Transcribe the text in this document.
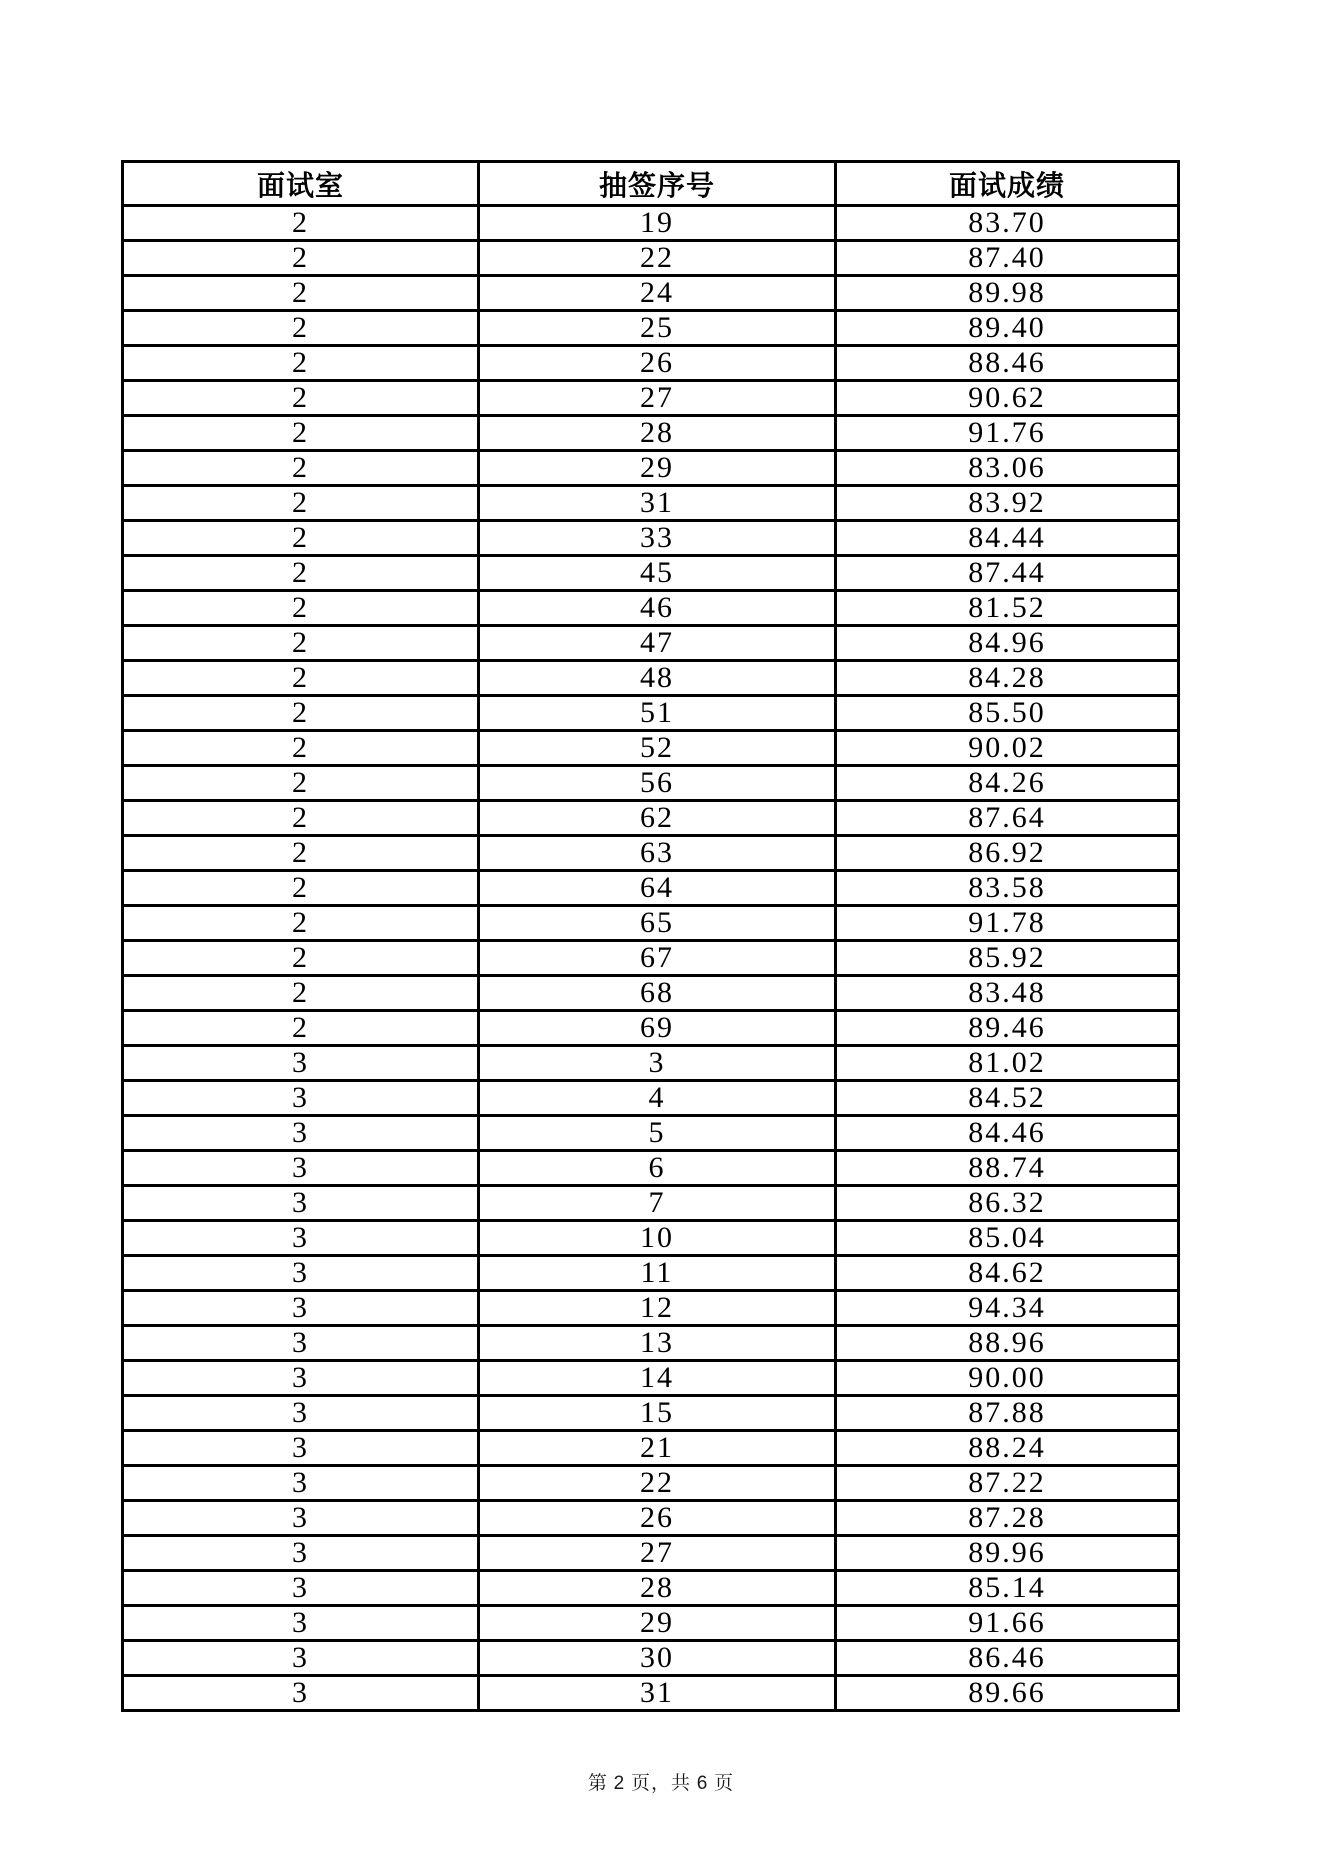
面试室	抽签序号	面试成绩
2	19	83.70
2	22	87.40
2	24	89.98
2	25	89.40
2	26	88.46
2	27	90.62
2	28	91.76
2	29	83.06
2	31	83.92
2	33	84.44
2	45	87.44
2	46	81.52
2	47	84.96
2	48	84.28
2	51	85.50
2	52	90.02
2	56	84.26
2	62	87.64
2	63	86.92
2	64	83.58
2	65	91.78
2	67	85.92
2	68	83.48
2	69	89.46
3	3	81.02
3	4	84.52
3	5	84.46
3	6	88.74
3	7	86.32
3	10	85.04
3	11	84.62
3	12	94.34
3	13	88.96
3	14	90.00
3	15	87.88
3	21	88.24
3	22	87.22
3	26	87.28
3	27	89.96
3	28	85.14
3	29	91.66
3	30	86.46
3	31	89.66
第 2 页，共 6 页
